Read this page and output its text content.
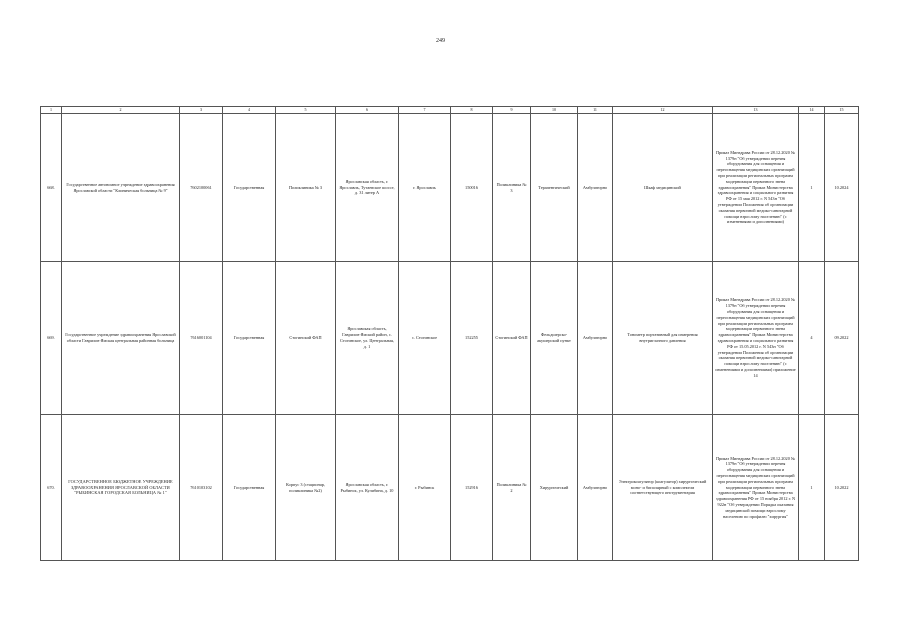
249
1	2	3	4	5	6	7	8	9	10	11	12	13	14	15
668.	Государственное автономное учреждение здравоохранения Ярославской области "Клиническая больница № 9"	7602100061	Государственная	Поликлиника № 3	Ярославская область, г. Ярославль, Тутаевское шоссе, д. 31 литер А	г. Ярославль	150016	Поликлиника № 3	Терапевтический	Амбулаторно	Шкаф медицинский	Приказ Минздрава России от 28.12.2020 № 1379н "Об утверждении перечня оборудования для оснащения и переоснащения медицинских организаций при реализации региональных программ модернизации первичного звена здравоохранения" Приказ Министерства здравоохранения и социального развития РФ от 15 мая 2012 г. N 543н "Об утверждении Положения об организации оказания первичной медико-санитарной помощи взрослому населению" (с изменениями и дополнениями)	1	10.2024
669.	Государственное учреждение здравоохранения Ярославской области Гаврилов-Ямская центральная районная больница	7616001104	Государственная	Стогинский ФАП	Ярославская область, Гаврилов-Ямский район, с. Стогинское, ул. Центральная, д. 1	с. Стогинское	152255	Стогинский ФАП	Фельдшерско-акушерский пункт	Амбулаторно	Тонометр портативный для измерения внутриглазного давления	Приказ Минздрава России от 28.12.2020 № 1379н "Об утверждении перечня оборудования для оснащения и переоснащения медицинских организаций при реализации региональных программ модернизации первичного звена здравоохранения" Приказ Министерства здравоохранения и социального развития РФ от 15.05.2012 г. N 543н "Об утверждении Положения об организации оказания первичной медико-санитарной помощи взрослому населению" (с изменениями и дополнениями) приложение 14	4	09.2022
670.	ГОСУДАРСТВЕННОЕ БЮДЖЕТНОЕ УЧРЕЖДЕНИЕ ЗДРАВООХРАНЕНИЯ ЯРОСЛАВСКОЙ ОБЛАСТИ "РЫБИНСКАЯ ГОРОДСКАЯ БОЛЬНИЦА № 1"	7610103102	Государственная	Корпус 3 (стационар, поликлиника №2)	Ярославская область, г. Рыбинск, ул. Кулибина, д. 10	г. Рыбинск	152916	Поликлиника № 2	Хирургический	Амбулаторно	Электрокоагулятор (коагулятор) хирургический моно- и биполярный с комплектом соответствующего инструментария	Приказ Минздрава России от 28.12.2020 № 1379н "Об утверждении перечня оборудования для оснащения и переоснащения медицинских организаций при реализации региональных программ модернизации первичного звена здравоохранения" Приказ Министерства здравоохранения РФ от 15 ноября 2012 г. N 922н "Об утверждении Порядка оказания медицинской помощи взрослому населению по профилю "хирургия"	1	10.2022
